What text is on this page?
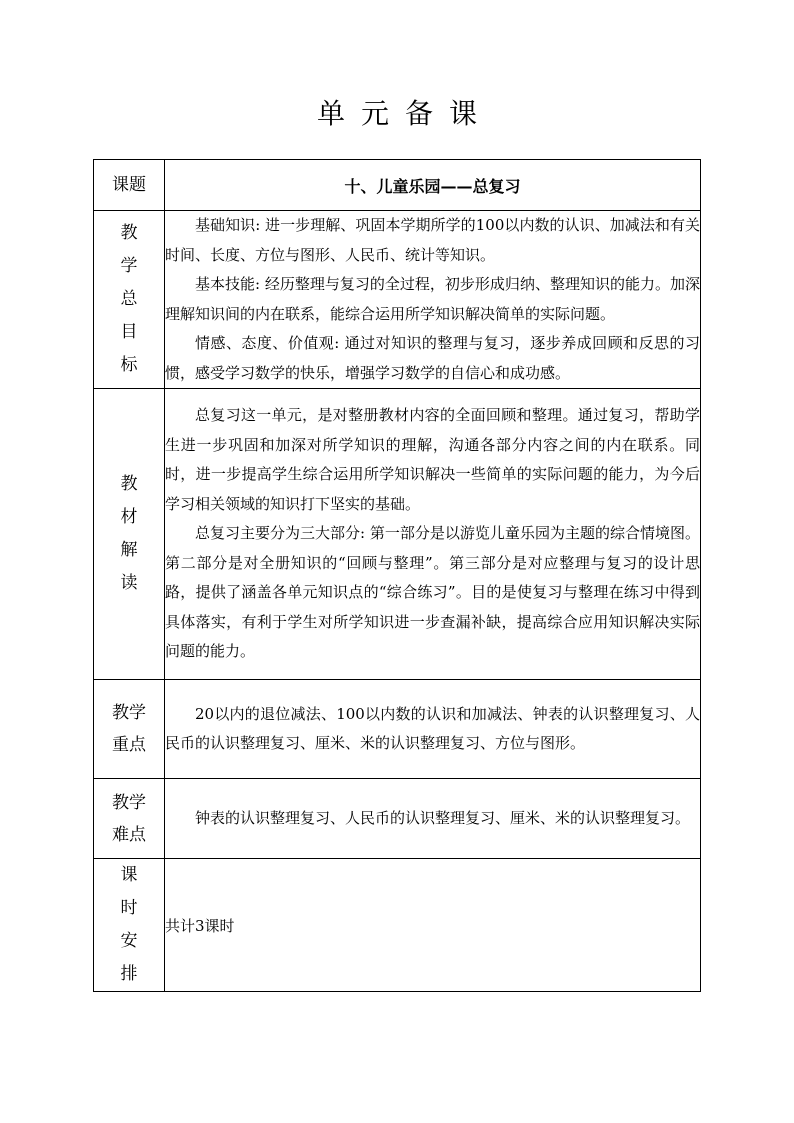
单元备课
课题	十、儿童乐园——总复习
教学总目标	基础知识: 进一步理解、巩固本学期所学的100以内数的认识、加减法和有关时间、长度、方位与图形、人民币、统计等知识。

基本技能: 经历整理与复习的全过程，初步形成归纳、整理知识的能力。加深理解知识间的内在联系，能综合运用所学知识解决简单的实际问题。

情感、态度、价值观: 通过对知识的整理与复习，逐步养成回顾和反思的习惯，感受学习数学的快乐，增强学习数学的自信心和成功感。

教材解读	总复习这一单元，是对整册教材内容的全面回顾和整理。通过复习，帮助学生进一步巩固和加深对所学知识的理解，沟通各部分内容之间的内在联系。同时，进一步提高学生综合运用所学知识解决一些简单的实际问题的能力，为今后学习相关领域的知识打下坚实的基础。

总复习主要分为三大部分: 第一部分是以游览儿童乐园为主题的综合情境图。第二部分是对全册知识的“回顾与整理”。第三部分是对应整理与复习的设计思路，提供了涵盖各单元知识点的“综合练习”。目的是使复习与整理在练习中得到具体落实，有利于学生对所学知识进一步查漏补缺，提高综合应用知识解决实际问题的能力。

教学重点	20以内的退位减法、100以内数的认识和加减法、钟表的认识整理复习、人民币的认识整理复习、厘米、米的认识整理复习、方位与图形。

教学难点	钟表的认识整理复习、人民币的认识整理复习、厘米、米的认识整理复习。

课时安排	共计3课时
